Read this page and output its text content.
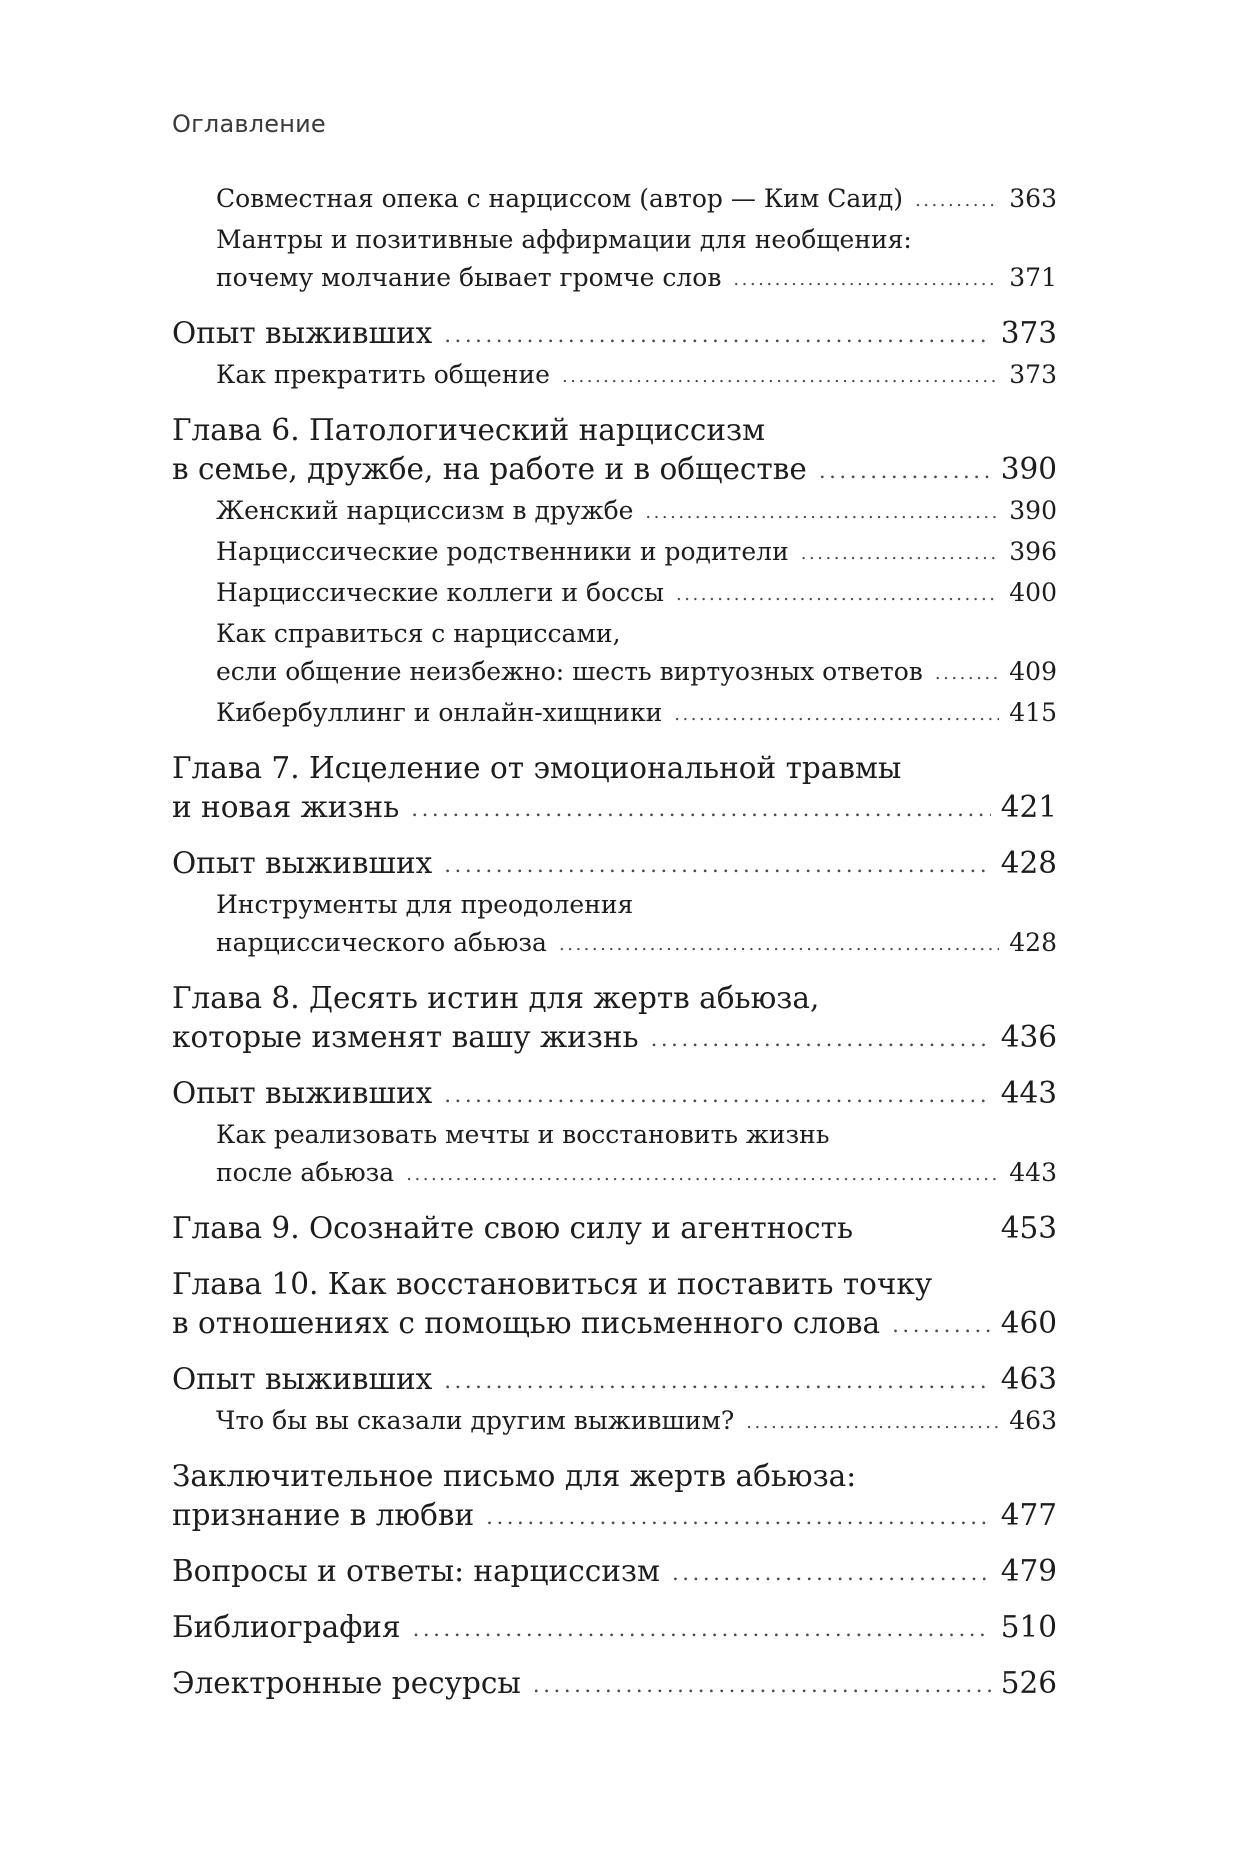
Оглавление
Совместная опека с нарциссом (автор — Ким Саид) . . .	363
Мантры и позитивные аффирмации для необщения:
почему молчание бывает громче слов . . .	371
Опыт выживших . . .	373
Как прекратить общение . . .	373
Глава 6. Патологический нарциссизм
в семье, дружбе, на работе и в обществе . . .	390
Женский нарциссизм в дружбе . . .	390
Нарциссические родственники и родители . . .	396
Нарциссические коллеги и боссы . . .	400
Как справиться с нарциссами,
если общение неизбежно: шесть виртуозных ответов . . .	409
Кибербуллинг и онлайн-хищники . . .	415
Глава 7. Исцеление от эмоциональной травмы
и новая жизнь . . .	421
Опыт выживших . . .	428
Инструменты для преодоления
нарциссического абьюза . . .	428
Глава 8. Десять истин для жертв абьюза,
которые изменят вашу жизнь . . .	436
Опыт выживших . . .	443
Как реализовать мечты и восстановить жизнь
после абьюза . . .	443
Глава 9. Осознайте свою силу и агентность	453
Глава 10. Как восстановиться и поставить точку
в отношениях с помощью письменного слова . . .	460
Опыт выживших . . .	463
Что бы вы сказали другим выжившим? . . .	463
Заключительное письмо для жертв абьюза:
признание в любви . . .	477
Вопросы и ответы: нарциссизм . . .	479
Библиография . . .	510
Электронные ресурсы . . .	526
